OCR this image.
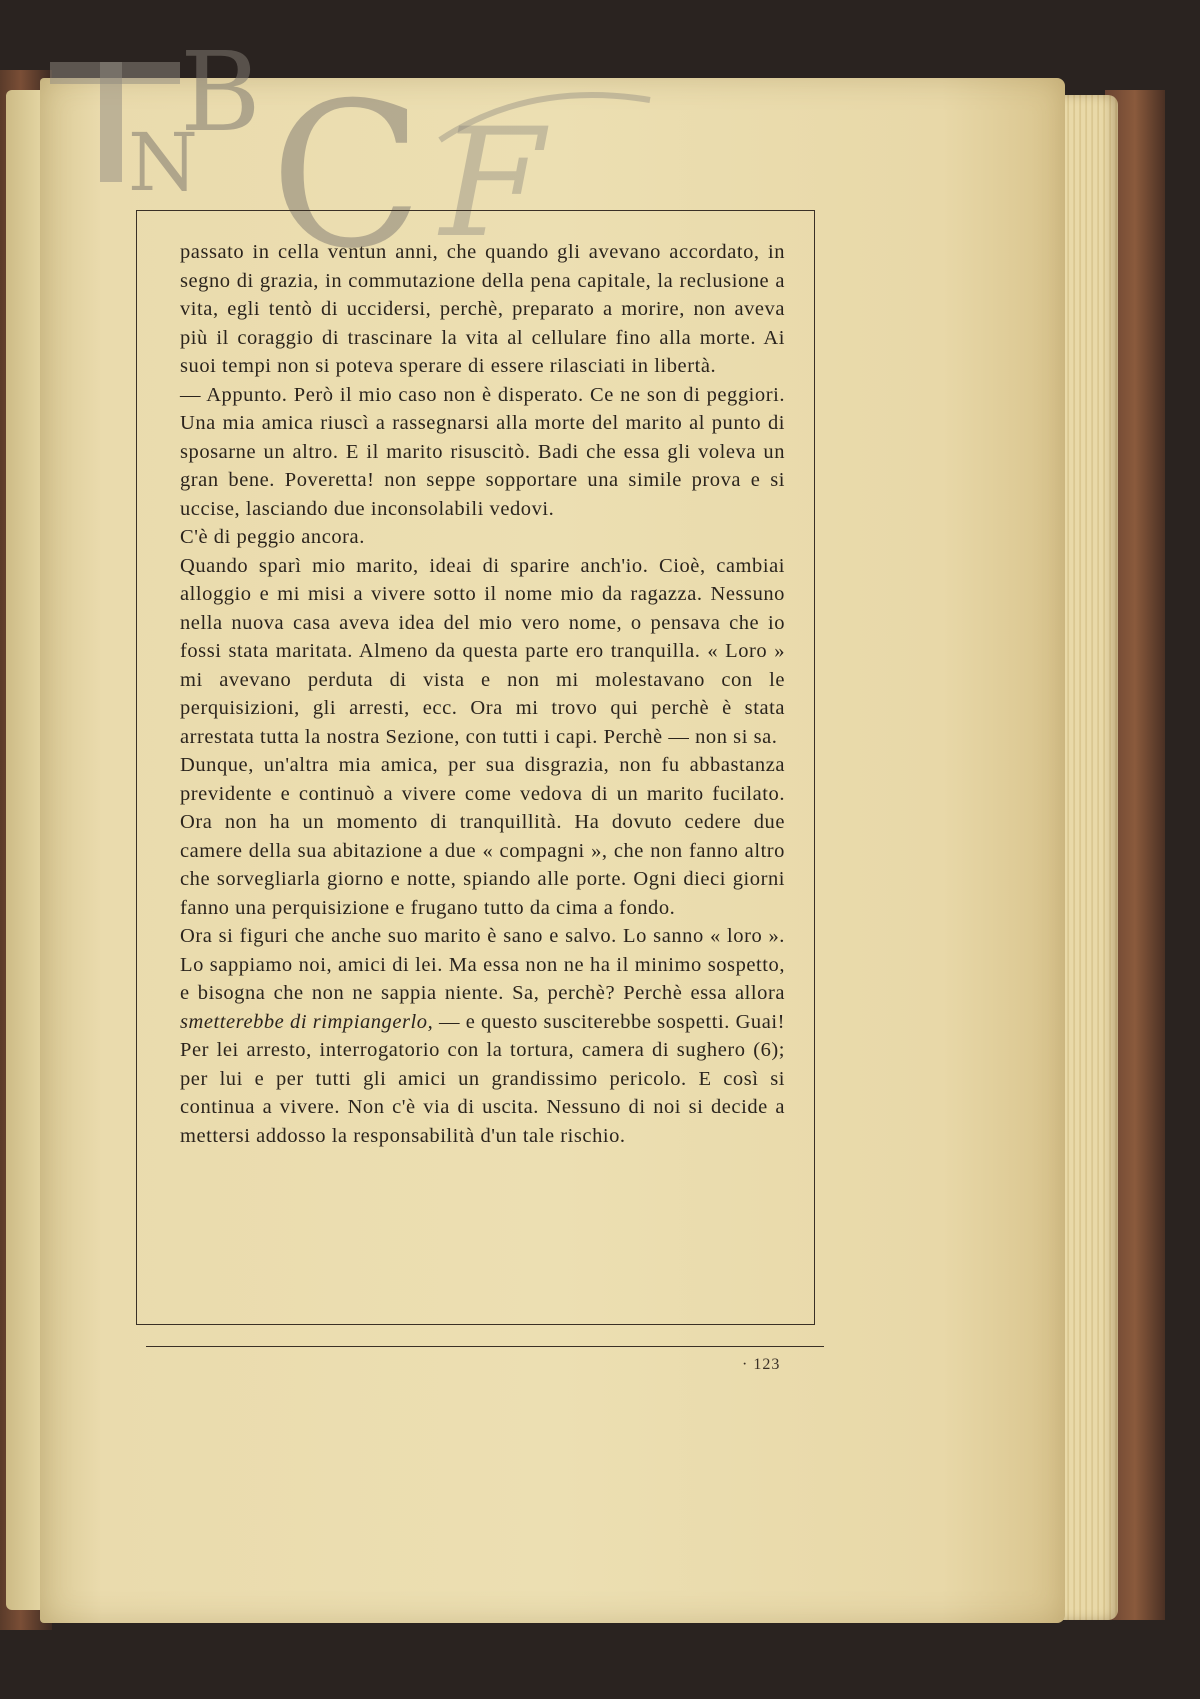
B
N C F

passato in cella ventun anni, che quando gli avevano accordato, in segno di grazia, in commutazione della pena capitale, la reclusione a vita, egli tentò di uccidersi, perchè, preparato a morire, non aveva più il coraggio di trascinare la vita al cellulare fino alla morte. Ai suoi tempi non si poteva sperare di essere rilasciati in libertà.

— Appunto. Però il mio caso non è disperato. Ce ne son di peggiori. Una mia amica riuscì a rassegnarsi alla morte del marito al punto di sposarne un altro. E il marito risuscitò. Badi che essa gli voleva un gran bene. Poveretta! non seppe sopportare una simile prova e si uccise, lasciando due inconsolabili vedovi.

C'è di peggio ancora.

Quando sparì mio marito, ideai di sparire anch'io. Cioè, cambiai alloggio e mi misi a vivere sotto il nome mio da ragazza. Nessuno nella nuova casa aveva idea del mio vero nome, o pensava che io fossi stata maritata. Almeno da questa parte ero tranquilla. « Loro » mi avevano perduta di vista e non mi molestavano con le perquisizioni, gli arresti, ecc. Ora mi trovo qui perchè è stata arrestata tutta la nostra Sezione, con tutti i capi. Perchè — non si sa.

Dunque, un'altra mia amica, per sua disgrazia, non fu abbastanza previdente e continuò a vivere come vedova di un marito fucilato. Ora non ha un momento di tranquillità. Ha dovuto cedere due camere della sua abitazione a due « compagni », che non fanno altro che sorvegliarla giorno e notte, spiando alle porte. Ogni dieci giorni fanno una perquisizione e frugano tutto da cima a fondo.

Ora si figuri che anche suo marito è sano e salvo. Lo sanno « loro ». Lo sappiamo noi, amici di lei. Ma essa non ne ha il minimo sospetto, e bisogna che non ne sappia niente. Sa, perchè? Perchè essa allora smetterebbe di rimpiangerlo, — e questo susciterebbe sospetti. Guai! Per lei arresto, interrogatorio con la tortura, camera di sughero (6); per lui e per tutti gli amici un grandissimo pericolo. E così si continua a vivere. Non c'è via di uscita. Nessuno di noi si decide a mettersi addosso la responsabilità d'un tale rischio.

· 123
